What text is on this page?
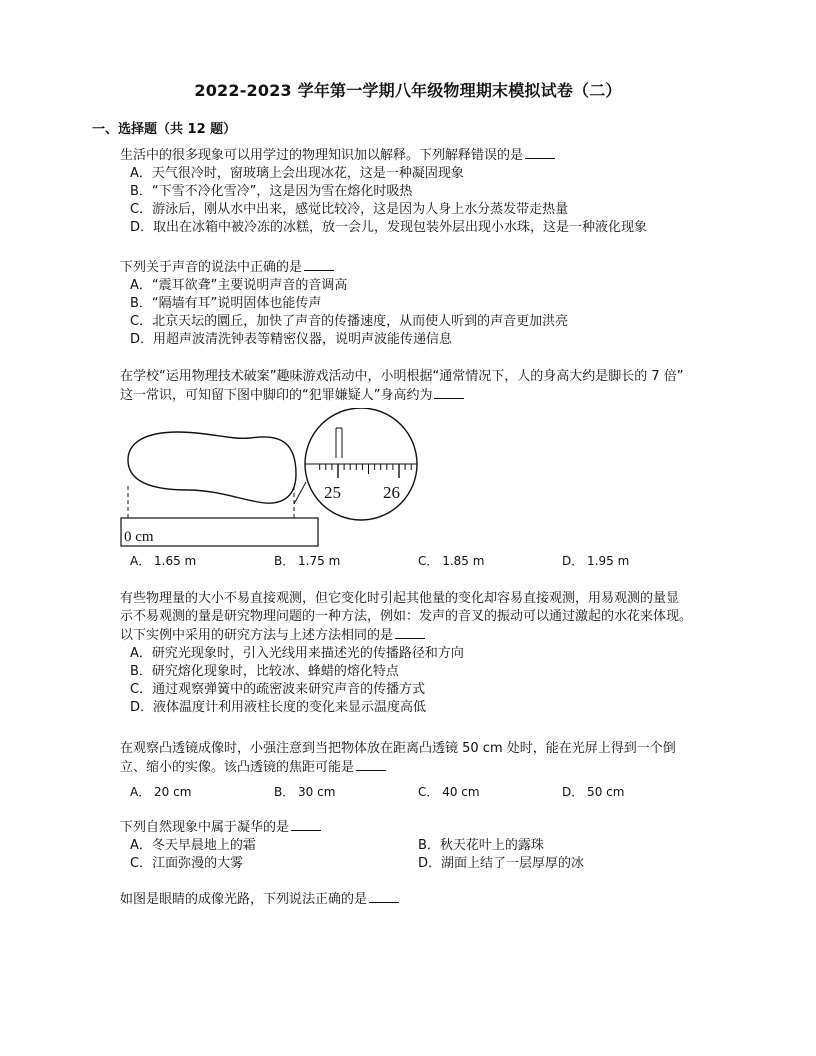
2022-2023 学年第一学期八年级物理期末模拟试卷（二）
一、选择题（共 12 题）

生活中的很多现象可以用学过的物理知识加以解释。下列解释错误的是

A．天气很冷时，窗玻璃上会出现冰花，这是一种凝固现象

B．“下雪不冷化雪冷”，这是因为雪在熔化时吸热

C．游泳后，刚从水中出来，感觉比较冷，这是因为人身上水分蒸发带走热量

D．取出在冰箱中被冷冻的冰糕，放一会儿，发现包装外层出现小水珠，这是一种液化现象

下列关于声音的说法中正确的是

A．“震耳欲聋”主要说明声音的音调高

B．“隔墙有耳”说明固体也能传声

C．北京天坛的圜丘，加快了声音的传播速度，从而使人听到的声音更加洪亮

D．用超声波清洗钟表等精密仪器，说明声波能传递信息

在学校“运用物理技术破案”趣味游戏活动中，小明根据“通常情况下，人的身高大约是脚长的 7 倍”

这一常识，可知留下图中脚印的“犯罪嫌疑人”身高约为

0 cm
25 26
A． 1.65 m	B． 1.75 m	C． 1.85 m	D． 1.95 m

有些物理量的大小不易直接观测，但它变化时引起其他量的变化却容易直接观测，用易观测的量显

示不易观测的量是研究物理问题的一种方法，例如：发声的音叉的振动可以通过激起的水花来体现。

以下实例中采用的研究方法与上述方法相同的是

A．研究光现象时，引入光线用来描述光的传播路径和方向

B．研究熔化现象时，比较冰、蜂蜡的熔化特点

C．通过观察弹簧中的疏密波来研究声音的传播方式

D．液体温度计利用液柱长度的变化来显示温度高低

在观察凸透镜成像时，小强注意到当把物体放在距离凸透镜 50 cm 处时，能在光屏上得到一个倒

立、缩小的实像。该凸透镜的焦距可能是

A． 20 cm	B． 30 cm	C． 40 cm	D． 50 cm

下列自然现象中属于凝华的是

A．冬天早晨地上的霜	B．秋天花叶上的露珠
C．江面弥漫的大雾	D．湖面上结了一层厚厚的冰

如图是眼睛的成像光路，下列说法正确的是
